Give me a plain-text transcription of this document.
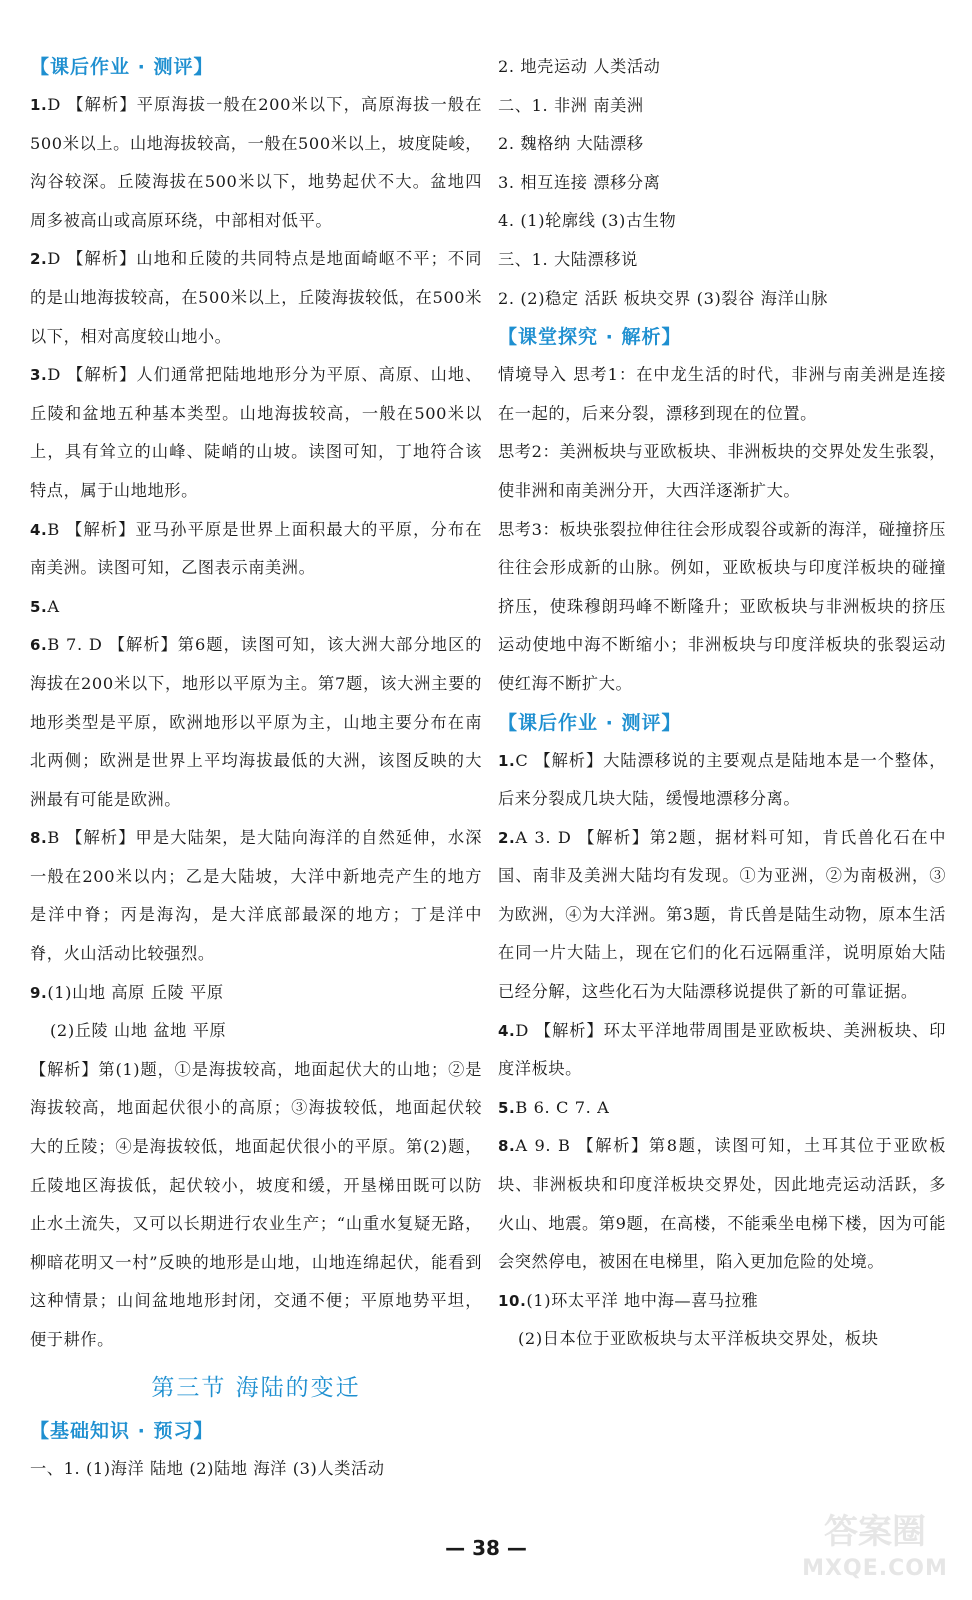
【课后作业 · 测评】
1.D 【解析】平原海拔一般在200米以下，高原海拔一般在500米以上。山地海拔较高，一般在500米以上，坡度陡峻，沟谷较深。丘陵海拔在500米以下，地势起伏不大。盆地四周多被高山或高原环绕，中部相对低平。
2.D 【解析】山地和丘陵的共同特点是地面崎岖不平；不同的是山地海拔较高，在500米以上，丘陵海拔较低，在500米以下，相对高度较山地小。
3.D 【解析】人们通常把陆地地形分为平原、高原、山地、丘陵和盆地五种基本类型。山地海拔较高，一般在500米以上，具有耸立的山峰、陡峭的山坡。读图可知，丁地符合该特点，属于山地地形。
4.B 【解析】亚马孙平原是世界上面积最大的平原，分布在南美洲。读图可知，乙图表示南美洲。
5.A
6.B 7. D 【解析】第6题，读图可知，该大洲大部分地区的海拔在200米以下，地形以平原为主。第7题，该大洲主要的地形类型是平原，欧洲地形以平原为主，山地主要分布在南北两侧；欧洲是世界上平均海拔最低的大洲，该图反映的大洲最有可能是欧洲。
8.B 【解析】甲是大陆架，是大陆向海洋的自然延伸，水深一般在200米以内；乙是大陆坡，大洋中新地壳产生的地方是洋中脊；丙是海沟，是大洋底部最深的地方；丁是洋中脊，火山活动比较强烈。
9.(1)山地 高原 丘陵 平原
(2)丘陵 山地 盆地 平原
【解析】第(1)题，①是海拔较高，地面起伏大的山地；②是海拔较高，地面起伏很小的高原；③海拔较低，地面起伏较大的丘陵；④是海拔较低，地面起伏很小的平原。第(2)题，丘陵地区海拔低，起伏较小，坡度和缓，开垦梯田既可以防止水土流失，又可以长期进行农业生产；“山重水复疑无路，柳暗花明又一村”反映的地形是山地，山地连绵起伏，能看到这种情景；山间盆地地形封闭，交通不便；平原地势平坦，便于耕作。
第三节 海陆的变迁
【基础知识 · 预习】
一、1. (1)海洋 陆地 (2)陆地 海洋 (3)人类活动
2. 地壳运动 人类活动
二、1. 非洲 南美洲
2. 魏格纳 大陆漂移
3. 相互连接 漂移分离
4. (1)轮廓线 (3)古生物
三、1. 大陆漂移说
2. (2)稳定 活跃 板块交界 (3)裂谷 海洋山脉
【课堂探究 · 解析】
情境导入 思考1：在中龙生活的时代，非洲与南美洲是连接在一起的，后来分裂，漂移到现在的位置。
思考2：美洲板块与亚欧板块、非洲板块的交界处发生张裂，使非洲和南美洲分开，大西洋逐渐扩大。
思考3：板块张裂拉伸往往会形成裂谷或新的海洋，碰撞挤压往往会形成新的山脉。例如，亚欧板块与印度洋板块的碰撞挤压，使珠穆朗玛峰不断隆升；亚欧板块与非洲板块的挤压运动使地中海不断缩小；非洲板块与印度洋板块的张裂运动使红海不断扩大。
【课后作业 · 测评】
1.C 【解析】大陆漂移说的主要观点是陆地本是一个整体，后来分裂成几块大陆，缓慢地漂移分离。
2.A 3. D 【解析】第2题，据材料可知，肯氏兽化石在中国、南非及美洲大陆均有发现。①为亚洲，②为南极洲，③为欧洲，④为大洋洲。第3题，肯氏兽是陆生动物，原本生活在同一片大陆上，现在它们的化石远隔重洋，说明原始大陆已经分解，这些化石为大陆漂移说提供了新的可靠证据。
4.D 【解析】环太平洋地带周围是亚欧板块、美洲板块、印度洋板块。
5.B 6. C 7. A
8.A 9. B 【解析】第8题，读图可知，土耳其位于亚欧板块、非洲板块和印度洋板块交界处，因此地壳运动活跃，多火山、地震。第9题，在高楼，不能乘坐电梯下楼，因为可能会突然停电，被困在电梯里，陷入更加危险的处境。
10.(1)环太平洋 地中海—喜马拉雅
(2)日本位于亚欧板块与太平洋板块交界处，板块
— 38 —	答案圈
MXQE.COM
